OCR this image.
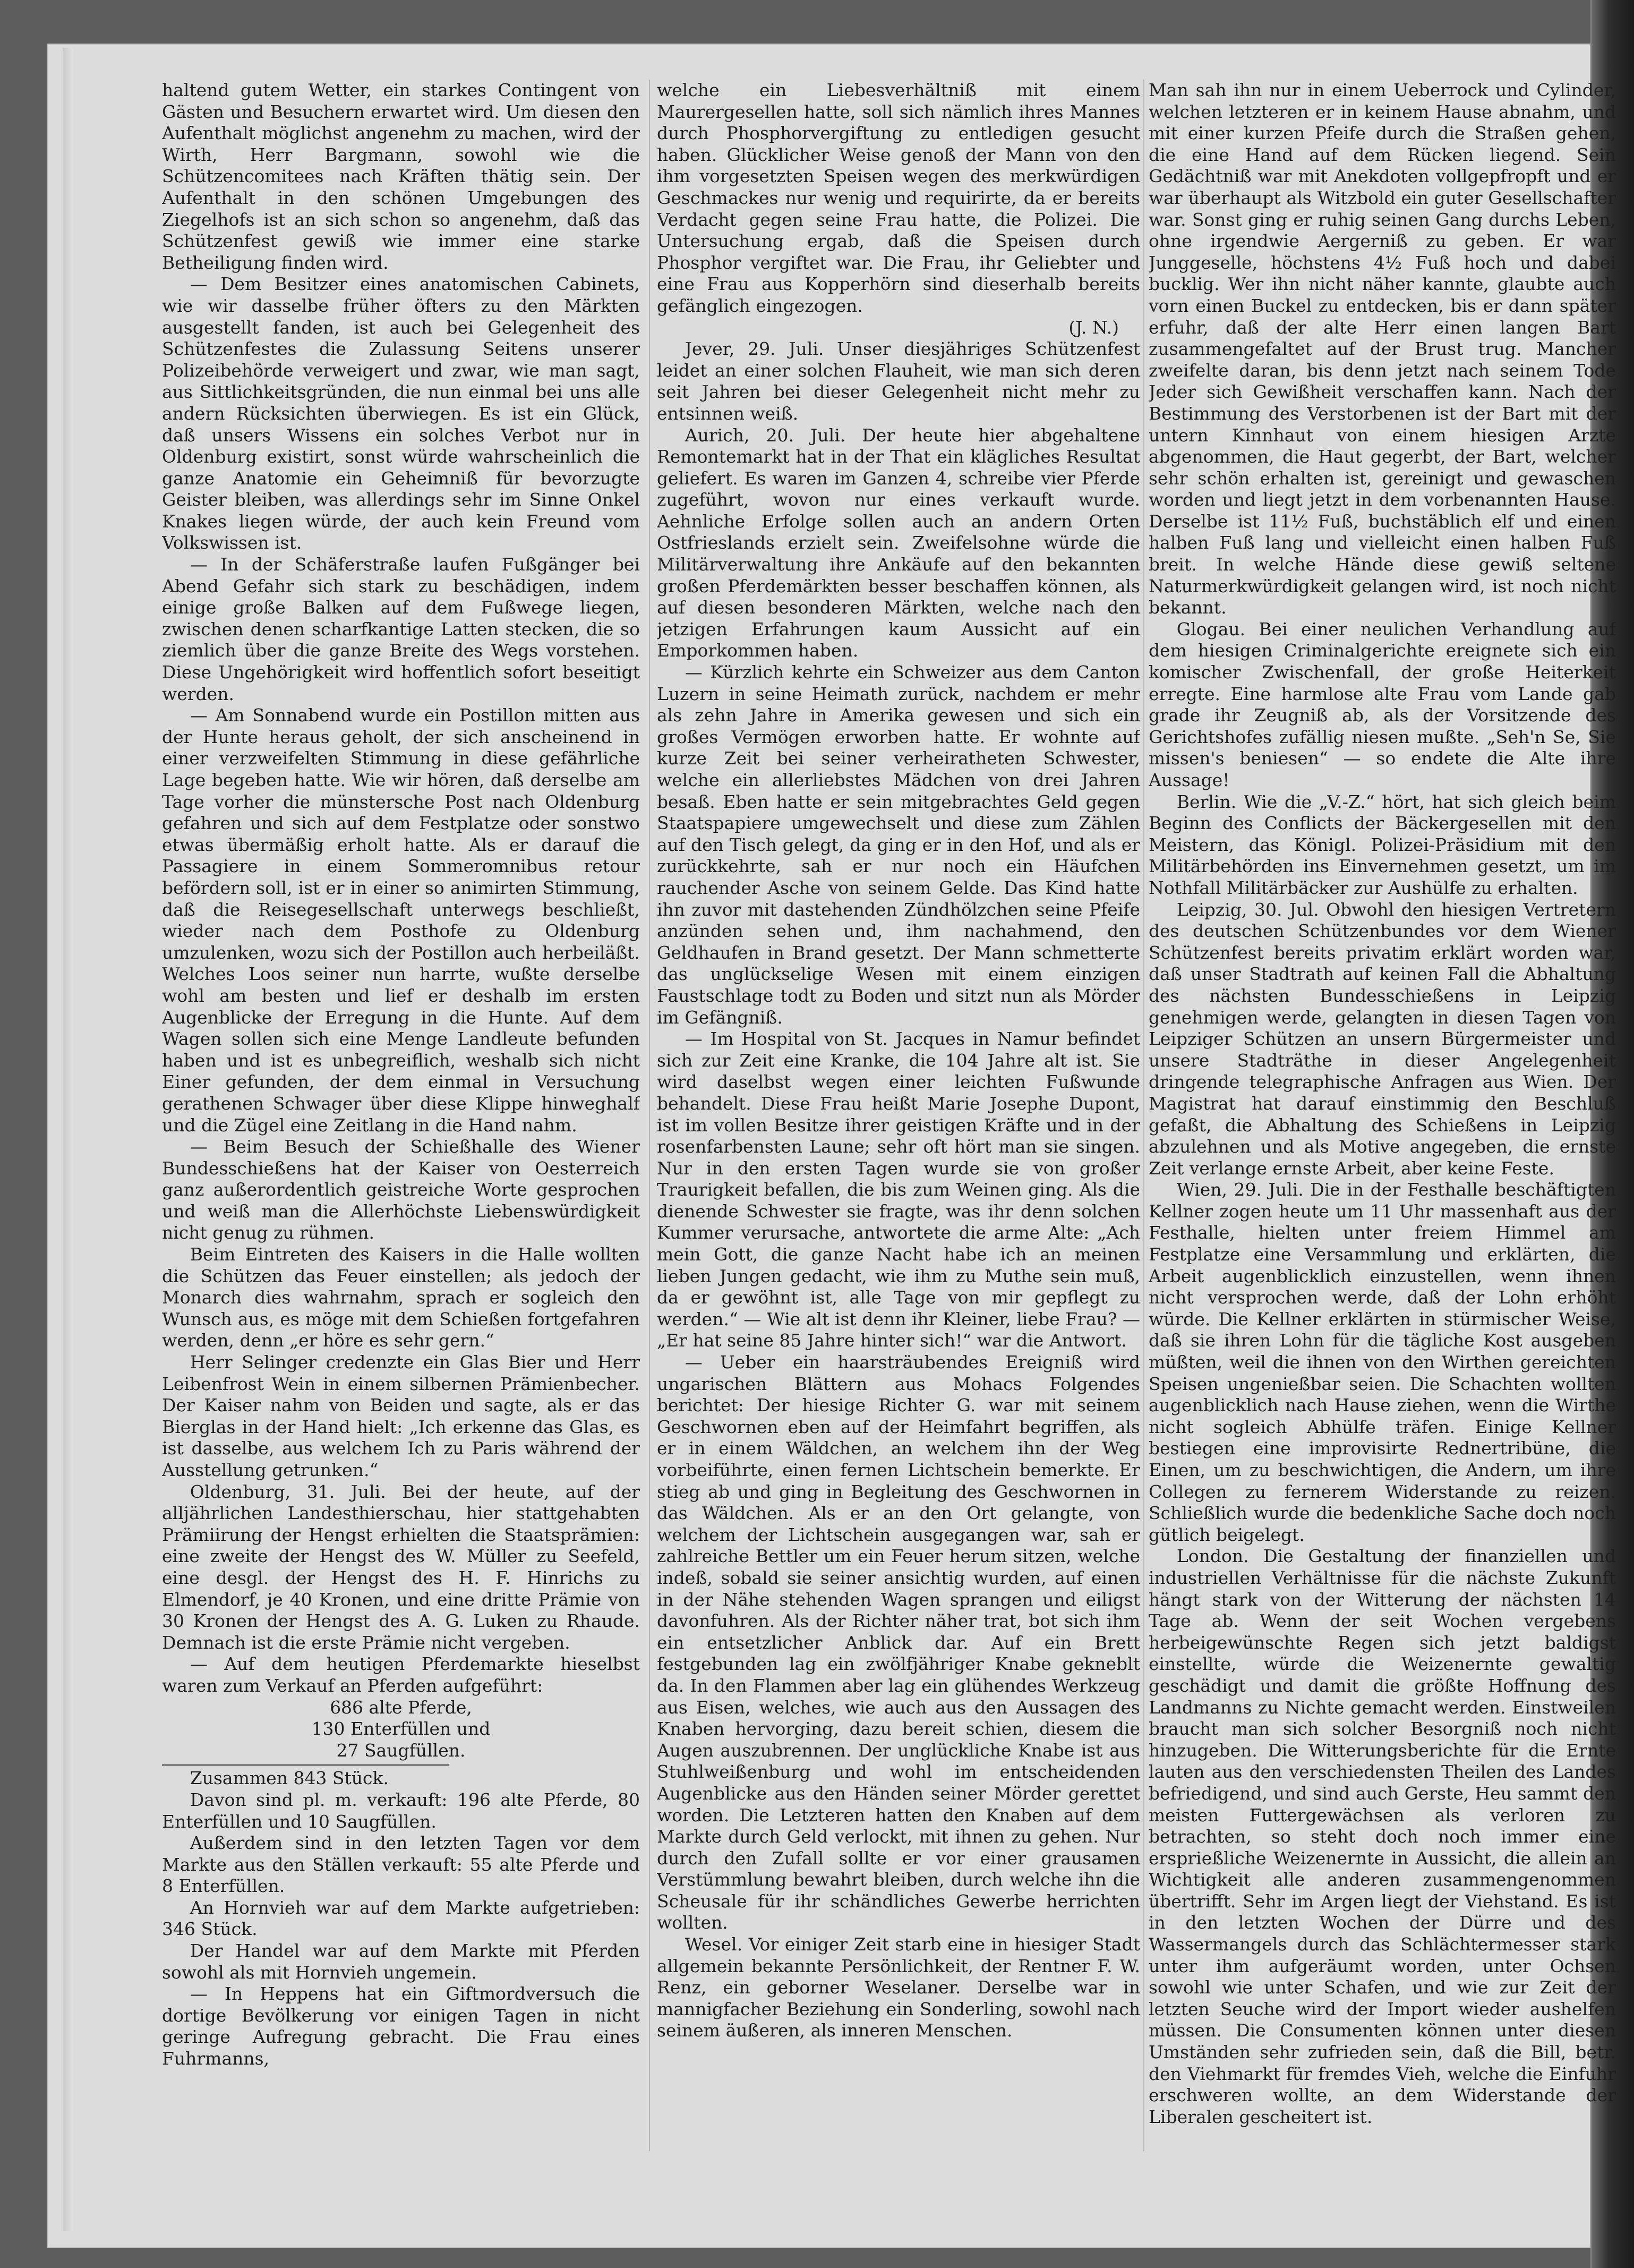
haltend gutem Wetter, ein starkes Contingent von Gästen und Besuchern erwartet wird. Um diesen den Aufenthalt möglichst angenehm zu machen, wird der Wirth, Herr Bargmann, sowohl wie die Schützencomitees nach Kräften thätig sein. Der Aufenthalt in den schönen Umgebungen des Ziegelhofs ist an sich schon so angenehm, daß das Schützenfest gewiß wie immer eine starke Betheiligung finden wird.

— Dem Besitzer eines anatomischen Cabinets, wie wir dasselbe früher öfters zu den Märkten ausgestellt fanden, ist auch bei Gelegenheit des Schützenfestes die Zulassung Seitens unserer Polizeibehörde verweigert und zwar, wie man sagt, aus Sittlichkeitsgründen, die nun einmal bei uns alle andern Rücksichten überwiegen. Es ist ein Glück, daß unsers Wissens ein solches Verbot nur in Oldenburg existirt, sonst würde wahrscheinlich die ganze Anatomie ein Geheimniß für bevorzugte Geister bleiben, was allerdings sehr im Sinne Onkel Knakes liegen würde, der auch kein Freund vom Volkswissen ist.

— In der Schäferstraße laufen Fußgänger bei Abend Gefahr sich stark zu beschädigen, indem einige große Balken auf dem Fußwege liegen, zwischen denen scharfkantige Latten stecken, die so ziemlich über die ganze Breite des Wegs vorstehen. Diese Ungehörigkeit wird hoffentlich sofort beseitigt werden.

— Am Sonnabend wurde ein Postillon mitten aus der Hunte heraus geholt, der sich anscheinend in einer verzweifelten Stimmung in diese gefährliche Lage begeben hatte. Wie wir hören, daß derselbe am Tage vorher die münstersche Post nach Oldenburg gefahren und sich auf dem Festplatze oder sonstwo etwas übermäßig erholt hatte. Als er darauf die Passagiere in einem Sommeromnibus retour befördern soll, ist er in einer so animirten Stimmung, daß die Reisegesellschaft unterwegs beschließt, wieder nach dem Posthofe zu Oldenburg umzulenken, wozu sich der Postillon auch herbeiläßt. Welches Loos seiner nun harrte, wußte derselbe wohl am besten und lief er deshalb im ersten Augenblicke der Erregung in die Hunte. Auf dem Wagen sollen sich eine Menge Landleute befunden haben und ist es unbegreiflich, weshalb sich nicht Einer gefunden, der dem einmal in Versuchung gerathenen Schwager über diese Klippe hinweghalf und die Zügel eine Zeitlang in die Hand nahm.

— Beim Besuch der Schießhalle des Wiener Bundesschießens hat der Kaiser von Oesterreich ganz außerordentlich geistreiche Worte gesprochen und weiß man die Allerhöchste Liebenswürdigkeit nicht genug zu rühmen.

Beim Eintreten des Kaisers in die Halle wollten die Schützen das Feuer einstellen; als jedoch der Monarch dies wahrnahm, sprach er sogleich den Wunsch aus, es möge mit dem Schießen fortgefahren werden, denn „er höre es sehr gern.“

Herr Selinger credenzte ein Glas Bier und Herr Leibenfrost Wein in einem silbernen Prämienbecher. Der Kaiser nahm von Beiden und sagte, als er das Bierglas in der Hand hielt: „Ich erkenne das Glas, es ist dasselbe, aus welchem Ich zu Paris während der Ausstellung getrunken.“

Oldenburg, 31. Juli. Bei der heute, auf der alljährlichen Landesthierschau, hier stattgehabten Prämiirung der Hengst erhielten die Staatsprämien: eine zweite der Hengst des W. Müller zu Seefeld, eine desgl. der Hengst des H. F. Hinrichs zu Elmendorf, je 40 Kronen, und eine dritte Prämie von 30 Kronen der Hengst des A. G. Luken zu Rhaude. Demnach ist die erste Prämie nicht vergeben.

— Auf dem heutigen Pferdemarkte hieselbst waren zum Verkauf an Pferden aufgeführt:

686 alte Pferde,

130 Enterfüllen und

27 Saugfüllen.

Zusammen 843 Stück.

Davon sind pl. m. verkauft: 196 alte Pferde, 80 Enterfüllen und 10 Saugfüllen.

Außerdem sind in den letzten Tagen vor dem Markte aus den Ställen verkauft: 55 alte Pferde und 8 Enterfüllen.

An Hornvieh war auf dem Markte aufgetrieben: 346 Stück.

Der Handel war auf dem Markte mit Pferden sowohl als mit Hornvieh ungemein.

— In Heppens hat ein Giftmordversuch die dortige Bevölkerung vor einigen Tagen in nicht geringe Aufregung gebracht. Die Frau eines Fuhrmanns,

welche ein Liebesverhältniß mit einem Maurergesellen hatte, soll sich nämlich ihres Mannes durch Phosphorvergiftung zu entledigen gesucht haben. Glücklicher Weise genoß der Mann von den ihm vorgesetzten Speisen wegen des merkwürdigen Geschmackes nur wenig und requirirte, da er bereits Verdacht gegen seine Frau hatte, die Polizei. Die Untersuchung ergab, daß die Speisen durch Phosphor vergiftet war. Die Frau, ihr Geliebter und eine Frau aus Kopperhörn sind dieserhalb bereits gefänglich eingezogen.

(J. N.)

Jever, 29. Juli. Unser diesjähriges Schützenfest leidet an einer solchen Flauheit, wie man sich deren seit Jahren bei dieser Gelegenheit nicht mehr zu entsinnen weiß.

Aurich, 20. Juli. Der heute hier abgehaltene Remontemarkt hat in der That ein klägliches Resultat geliefert. Es waren im Ganzen 4, schreibe vier Pferde zugeführt, wovon nur eines verkauft wurde. Aehnliche Erfolge sollen auch an andern Orten Ostfrieslands erzielt sein. Zweifelsohne würde die Militärverwaltung ihre Ankäufe auf den bekannten großen Pferdemärkten besser beschaffen können, als auf diesen besonderen Märkten, welche nach den jetzigen Erfahrungen kaum Aussicht auf ein Emporkommen haben.

— Kürzlich kehrte ein Schweizer aus dem Canton Luzern in seine Heimath zurück, nachdem er mehr als zehn Jahre in Amerika gewesen und sich ein großes Vermögen erworben hatte. Er wohnte auf kurze Zeit bei seiner verheiratheten Schwester, welche ein allerliebstes Mädchen von drei Jahren besaß. Eben hatte er sein mitgebrachtes Geld gegen Staatspapiere umgewechselt und diese zum Zählen auf den Tisch gelegt, da ging er in den Hof, und als er zurückkehrte, sah er nur noch ein Häufchen rauchender Asche von seinem Gelde. Das Kind hatte ihn zuvor mit dastehenden Zündhölzchen seine Pfeife anzünden sehen und, ihm nachahmend, den Geldhaufen in Brand gesetzt. Der Mann schmetterte das unglückselige Wesen mit einem einzigen Faustschlage todt zu Boden und sitzt nun als Mörder im Gefängniß.

— Im Hospital von St. Jacques in Namur befindet sich zur Zeit eine Kranke, die 104 Jahre alt ist. Sie wird daselbst wegen einer leichten Fußwunde behandelt. Diese Frau heißt Marie Josephe Dupont, ist im vollen Besitze ihrer geistigen Kräfte und in der rosenfarbensten Laune; sehr oft hört man sie singen. Nur in den ersten Tagen wurde sie von großer Traurigkeit befallen, die bis zum Weinen ging. Als die dienende Schwester sie fragte, was ihr denn solchen Kummer verursache, antwortete die arme Alte: „Ach mein Gott, die ganze Nacht habe ich an meinen lieben Jungen gedacht, wie ihm zu Muthe sein muß, da er gewöhnt ist, alle Tage von mir gepflegt zu werden.“ — Wie alt ist denn ihr Kleiner, liebe Frau? — „Er hat seine 85 Jahre hinter sich!“ war die Antwort.

— Ueber ein haarsträubendes Ereigniß wird ungarischen Blättern aus Mohacs Folgendes berichtet: Der hiesige Richter G. war mit seinem Geschwornen eben auf der Heimfahrt begriffen, als er in einem Wäldchen, an welchem ihn der Weg vorbeiführte, einen fernen Lichtschein bemerkte. Er stieg ab und ging in Begleitung des Geschwornen in das Wäldchen. Als er an den Ort gelangte, von welchem der Lichtschein ausgegangen war, sah er zahlreiche Bettler um ein Feuer herum sitzen, welche indeß, sobald sie seiner ansichtig wurden, auf einen in der Nähe stehenden Wagen sprangen und eiligst davonfuhren. Als der Richter näher trat, bot sich ihm ein entsetzlicher Anblick dar. Auf ein Brett festgebunden lag ein zwölfjähriger Knabe gekneblt da. In den Flammen aber lag ein glühendes Werkzeug aus Eisen, welches, wie auch aus den Aussagen des Knaben hervorging, dazu bereit schien, diesem die Augen auszubrennen. Der unglückliche Knabe ist aus Stuhlweißenburg und wohl im entscheidenden Augenblicke aus den Händen seiner Mörder gerettet worden. Die Letzteren hatten den Knaben auf dem Markte durch Geld verlockt, mit ihnen zu gehen. Nur durch den Zufall sollte er vor einer grausamen Verstümmlung bewahrt bleiben, durch welche ihn die Scheusale für ihr schändliches Gewerbe herrichten wollten.

Wesel. Vor einiger Zeit starb eine in hiesiger Stadt allgemein bekannte Persönlichkeit, der Rentner F. W. Renz, ein geborner Weselaner. Derselbe war in mannigfacher Beziehung ein Sonderling, sowohl nach seinem äußeren, als inneren Menschen.

Man sah ihn nur in einem Ueberrock und Cylinder, welchen letzteren er in keinem Hause abnahm, und mit einer kurzen Pfeife durch die Straßen gehen, die eine Hand auf dem Rücken liegend. Sein Gedächtniß war mit Anekdoten vollgepfropft und er war überhaupt als Witzbold ein guter Gesellschafter war. Sonst ging er ruhig seinen Gang durchs Leben, ohne irgendwie Aergerniß zu geben. Er war Junggeselle, höchstens 4½ Fuß hoch und dabei bucklig. Wer ihn nicht näher kannte, glaubte auch vorn einen Buckel zu entdecken, bis er dann später erfuhr, daß der alte Herr einen langen Bart zusammengefaltet auf der Brust trug. Mancher zweifelte daran, bis denn jetzt nach seinem Tode Jeder sich Gewißheit verschaffen kann. Nach der Bestimmung des Verstorbenen ist der Bart mit der untern Kinnhaut von einem hiesigen Arzte abgenommen, die Haut gegerbt, der Bart, welcher sehr schön erhalten ist, gereinigt und gewaschen worden und liegt jetzt in dem vorbenannten Hause. Derselbe ist 11½ Fuß, buchstäblich elf und einen halben Fuß lang und vielleicht einen halben Fuß breit. In welche Hände diese gewiß seltene Naturmerkwürdigkeit gelangen wird, ist noch nicht bekannt.

Glogau. Bei einer neulichen Verhandlung auf dem hiesigen Criminalgerichte ereignete sich ein komischer Zwischenfall, der große Heiterkeit erregte. Eine harmlose alte Frau vom Lande gab grade ihr Zeugniß ab, als der Vorsitzende des Gerichtshofes zufällig niesen mußte. „Seh'n Se, Sie missen's beniesen“ — so endete die Alte ihre Aussage!

Berlin. Wie die „V.-Z.“ hört, hat sich gleich beim Beginn des Conflicts der Bäckergesellen mit den Meistern, das Königl. Polizei-Präsidium mit den Militärbehörden ins Einvernehmen gesetzt, um im Nothfall Militärbäcker zur Aushülfe zu erhalten.

Leipzig, 30. Jul. Obwohl den hiesigen Vertretern des deutschen Schützenbundes vor dem Wiener Schützenfest bereits privatim erklärt worden war, daß unser Stadtrath auf keinen Fall die Abhaltung des nächsten Bundesschießens in Leipzig genehmigen werde, gelangten in diesen Tagen von Leipziger Schützen an unsern Bürgermeister und unsere Stadträthe in dieser Angelegenheit dringende telegraphische Anfragen aus Wien. Der Magistrat hat darauf einstimmig den Beschluß gefaßt, die Abhaltung des Schießens in Leipzig abzulehnen und als Motive angegeben, die ernste Zeit verlange ernste Arbeit, aber keine Feste.

Wien, 29. Juli. Die in der Festhalle beschäftigten Kellner zogen heute um 11 Uhr massenhaft aus der Festhalle, hielten unter freiem Himmel am Festplatze eine Versammlung und erklärten, die Arbeit augenblicklich einzustellen, wenn ihnen nicht versprochen werde, daß der Lohn erhöht würde. Die Kellner erklärten in stürmischer Weise, daß sie ihren Lohn für die tägliche Kost ausgeben müßten, weil die ihnen von den Wirthen gereichten Speisen ungenießbar seien. Die Schachten wollten augenblicklich nach Hause ziehen, wenn die Wirthe nicht sogleich Abhülfe träfen. Einige Kellner bestiegen eine improvisirte Rednertribüne, die Einen, um zu beschwichtigen, die Andern, um ihre Collegen zu fernerem Widerstande zu reizen. Schließlich wurde die bedenkliche Sache doch noch gütlich beigelegt.

London. Die Gestaltung der finanziellen und industriellen Verhältnisse für die nächste Zukunft hängt stark von der Witterung der nächsten 14 Tage ab. Wenn der seit Wochen vergebens herbeigewünschte Regen sich jetzt baldigst einstellte, würde die Weizenernte gewaltig geschädigt und damit die größte Hoffnung des Landmanns zu Nichte gemacht werden. Einstweilen braucht man sich solcher Besorgniß noch nicht hinzugeben. Die Witterungsberichte für die Ernte lauten aus den verschiedensten Theilen des Landes befriedigend, und sind auch Gerste, Heu sammt den meisten Futtergewächsen als verloren zu betrachten, so steht doch noch immer eine ersprießliche Weizenernte in Aussicht, die allein an Wichtigkeit alle anderen zusammengenommen übertrifft. Sehr im Argen liegt der Viehstand. Es ist in den letzten Wochen der Dürre und des Wassermangels durch das Schlächtermesser stark unter ihm aufgeräumt worden, unter Ochsen sowohl wie unter Schafen, und wie zur Zeit der letzten Seuche wird der Import wieder aushelfen müssen. Die Consumenten können unter diesen Umständen sehr zufrieden sein, daß die Bill, betr. den Viehmarkt für fremdes Vieh, welche die Einfuhr erschweren wollte, an dem Widerstande der Liberalen gescheitert ist.
